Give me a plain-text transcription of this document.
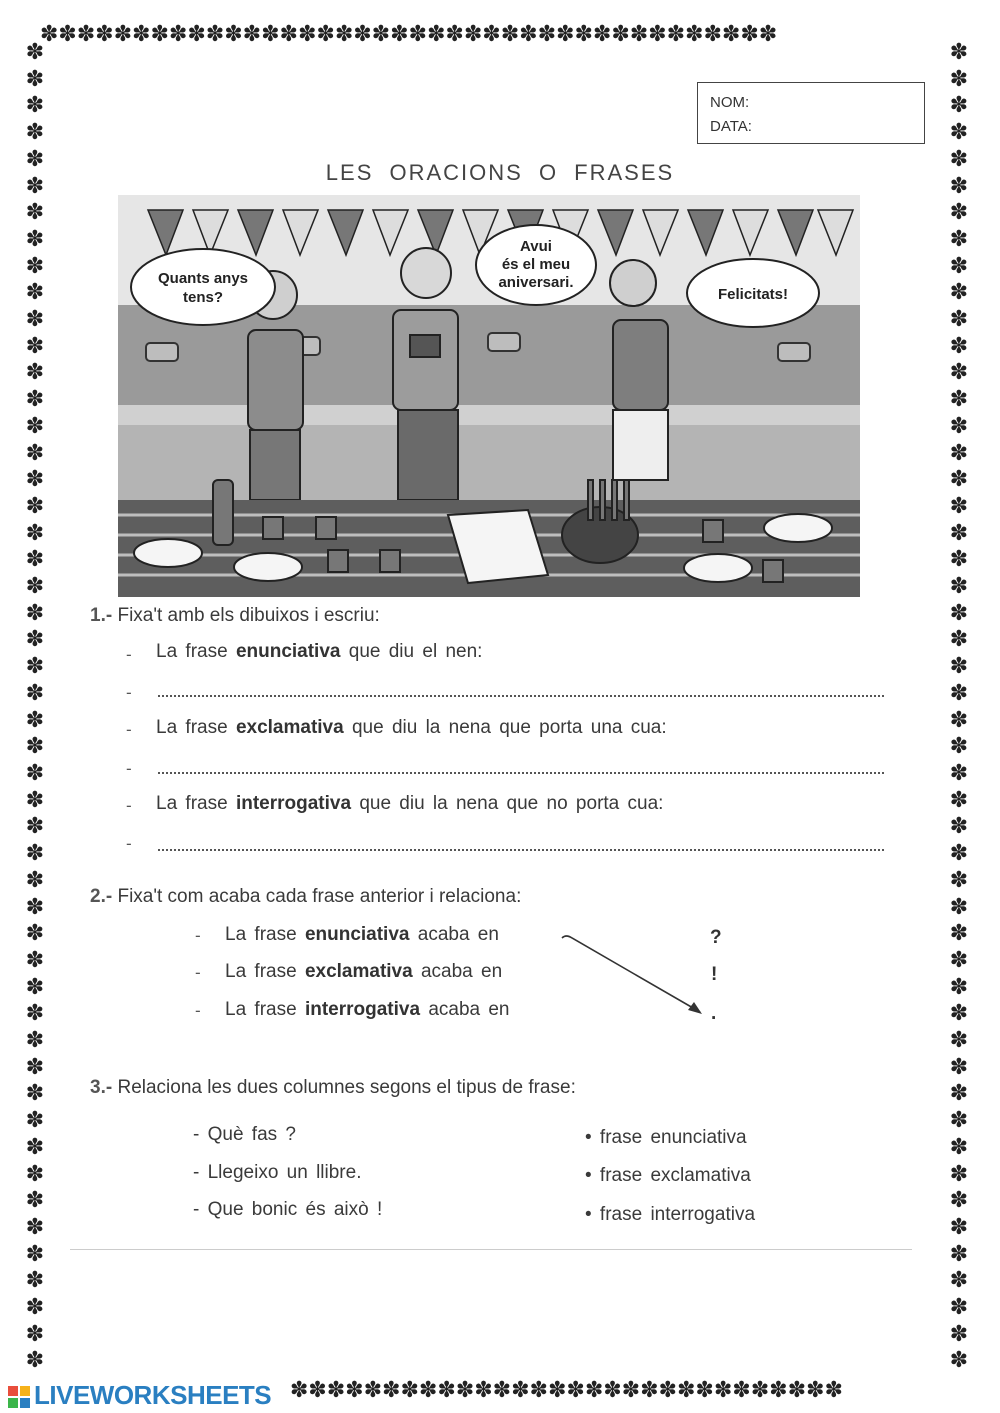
✽✽✽✽✽✽✽✽✽✽✽✽✽✽✽✽✽✽✽✽✽✽✽✽✽✽✽✽✽✽✽✽✽✽✽✽✽✽✽✽
✽✽✽✽✽✽✽✽✽✽✽✽✽✽✽✽✽✽✽✽✽✽✽✽✽✽✽✽✽✽
✽
✽
✽
✽
✽
✽
✽
✽
✽
✽
✽
✽
✽
✽
✽
✽
✽
✽
✽
✽
✽
✽
✽
✽
✽
✽
✽
✽
✽
✽
✽
✽
✽
✽
✽
✽
✽
✽
✽
✽
✽
✽
✽
✽
✽
✽
✽
✽
✽
✽
✽
✽
✽
✽
✽
✽
✽
✽
✽
✽
✽
✽
✽
✽
✽
✽
✽
✽
✽
✽
✽
✽
✽
✽
✽
✽
✽
✽
✽
✽
✽
✽
✽
✽
✽
✽
✽
✽
✽
✽
✽
✽
✽
✽
✽
✽
✽
✽
✽
✽
NOM:
DATA:
LES ORACIONS O FRASES
Quants anys
tens?
Avui
és el meu
aniversari.
Felicitats!
1.- Fixa't amb els dibuixos i escriu:
- La frase enunciativa que diu el nen:
-
- La frase exclamativa que diu la nena que porta una cua:
-
- La frase interrogativa que diu la nena que no porta cua:
-
2.- Fixa't com acaba cada frase anterior i relaciona:
- La frase enunciativa acaba en
- La frase exclamativa acaba en
- La frase interrogativa acaba en
?
!
.
3.- Relaciona les dues columnes segons el tipus de frase:
- Què fas ?
- Llegeixo un llibre.
- Que bonic és això !
• frase enunciativa
• frase exclamativa
• frase interrogativa
LIVEWORKSHEETS
